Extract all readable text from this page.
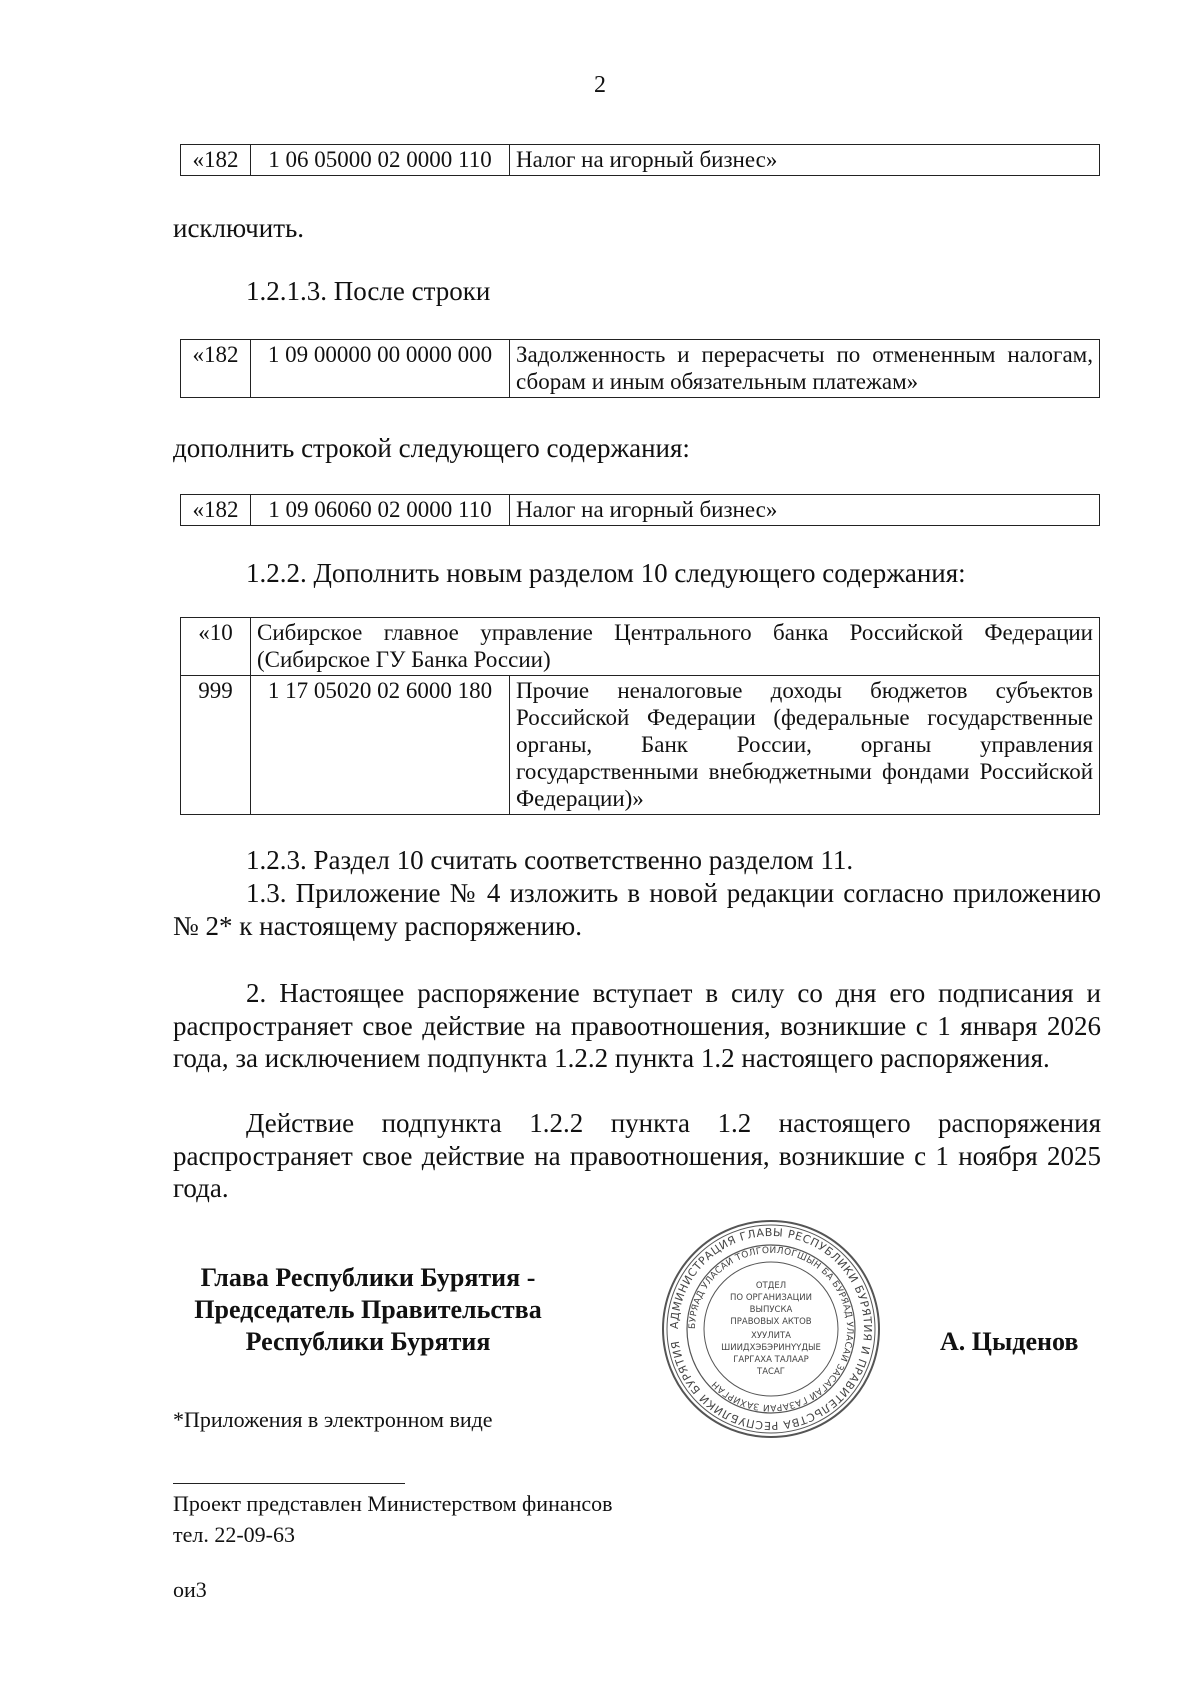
2
«182	1 06 05000 02 0000 110	Налог на игорный бизнес»
исключить.
1.2.1.3. После строки
«182	1 09 00000 00 0000 000	Задолженность и перерасчеты по отмененным налогам, сборам и иным обязательным платежам»
дополнить строкой следующего содержания:
«182	1 09 06060 02 0000 110	Налог на игорный бизнес»
1.2.2. Дополнить новым разделом 10 следующего содержания:
«10	Сибирское главное управление Центрального банка Российской Федерации (Сибирское ГУ Банка России)	
999	1 17 05020 02 6000 180	Прочие неналоговые доходы бюджетов субъектов Российской Федерации (федеральные государственные органы, Банк России, органы управления государственными внебюджетными фондами Российской Федерации)»

1.2.3. Раздел 10 считать соответственно разделом 11.

1.3. Приложение № 4 изложить в новой редакции согласно приложению № 2* к настоящему распоряжению.

2. Настоящее распоряжение вступает в силу со дня его подписания и распространяет свое действие на правоотношения, возникшие с 1 января 2026 года, за исключением подпункта 1.2.2 пункта 1.2 настоящего распоряжения.

Действие подпункта 1.2.2 пункта 1.2 настоящего распоряжения распространяет свое действие на правоотношения, возникшие с 1 ноября 2025 года.

Глава Республики Бурятия -
Председатель Правительства
Республики Бурятия	А. Цыденов
АДМИНИСТРАЦИЯ ГЛАВЫ РЕСПУБЛИКИ БУРЯТИЯ И ПРАВИТЕЛЬСТВА РЕСПУБЛИКИ БУРЯТИЯ
БУРЯАД УЛАСАЙ ТОЛГОЙЛОГШЫН БА БУРЯАД УЛАСАЙ ЗАСАГАЙ ГАЗАРАЙ ЗАХИРГАН
ОТДЕЛ
ПО ОРГАНИЗАЦИИ
ВЫПУСКА
ПРАВОВЫХ АКТОВ
ХУУЛИТА
ШИИДХЭБЭРИНҮҮДЫЕ
ГАРГАХА ТАЛААР
ТАСАГ
*Приложения в электронном виде
Проект представлен Министерством финансов
тел. 22-09-63
ои3
